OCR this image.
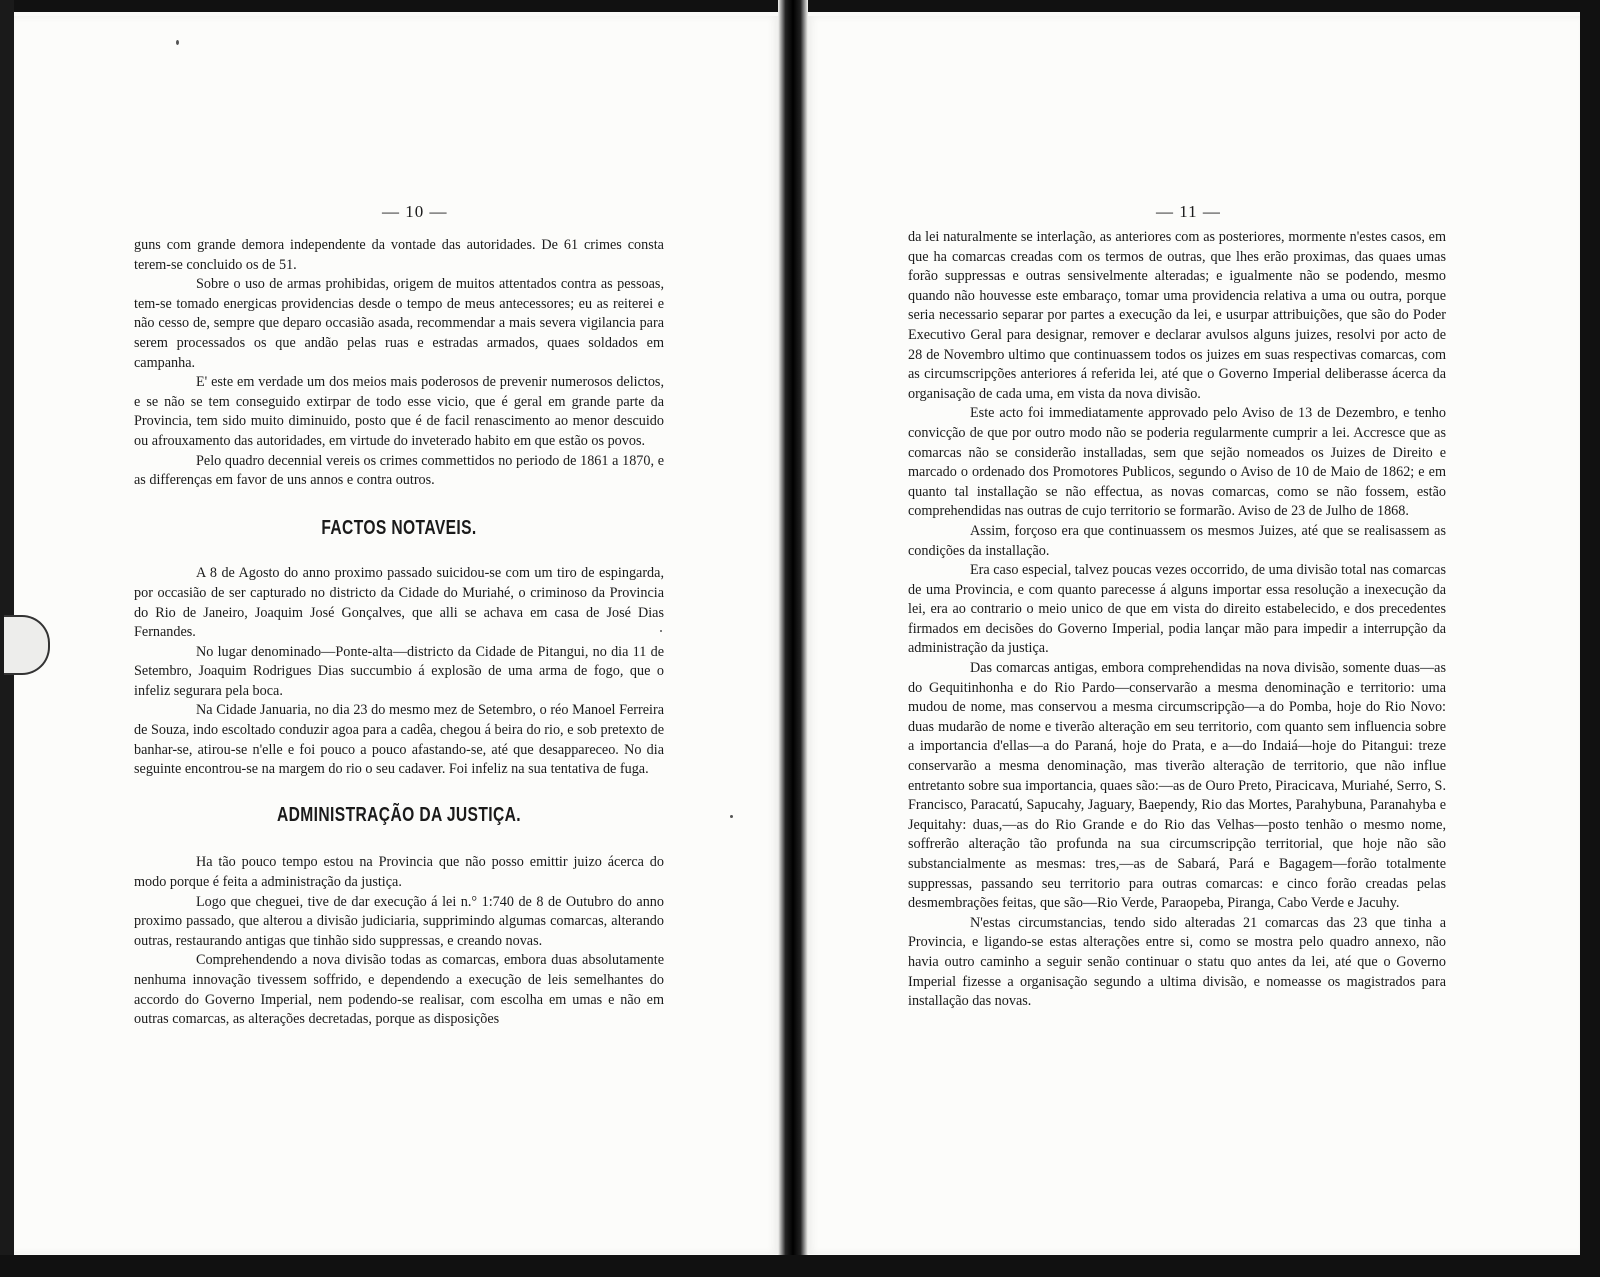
— 10 —

guns com grande demora independente da vontade das autoridades. De 61 crimes consta terem-se concluido os de 51.

Sobre o uso de armas prohibidas, origem de muitos attentados contra as pessoas, tem-se tomado energicas providencias desde o tempo de meus antecessores; eu as reiterei e não cesso de, sempre que deparo occasião asada, recommendar a mais severa vigilancia para serem processados os que andão pelas ruas e estradas armados, quaes soldados em campanha.

E' este em verdade um dos meios mais poderosos de prevenir numerosos delictos, e se não se tem conseguido extirpar de todo esse vicio, que é geral em grande parte da Provincia, tem sido muito diminuido, posto que é de facil renascimento ao menor descuido ou afrouxamento das autoridades, em virtude do inveterado habito em que estão os povos.

Pelo quadro decennial vereis os crimes commettidos no periodo de 1861 a 1870, e as differenças em favor de uns annos e contra outros.

FACTOS NOTAVEIS.

A 8 de Agosto do anno proximo passado suicidou-se com um tiro de espingarda, por occasião de ser capturado no districto da Cidade do Muriahé, o criminoso da Provincia do Rio de Janeiro, Joaquim José Gonçalves, que alli se achava em casa de José Dias Fernandes.

No lugar denominado—Ponte-alta—districto da Cidade de Pitangui, no dia 11 de Setembro, Joaquim Rodrigues Dias succumbio á explosão de uma arma de fogo, que o infeliz segurara pela boca.

Na Cidade Januaria, no dia 23 do mesmo mez de Setembro, o réo Manoel Ferreira de Souza, indo escoltado conduzir agoa para a cadêa, chegou á beira do rio, e sob pretexto de banhar-se, atirou-se n'elle e foi pouco a pouco afastando-se, até que desappareceo. No dia seguinte encontrou-se na margem do rio o seu cadaver. Foi infeliz na sua tentativa de fuga.

ADMINISTRAÇÃO DA JUSTIÇA.

Ha tão pouco tempo estou na Provincia que não posso emittir juizo ácerca do modo porque é feita a administração da justiça.

Logo que cheguei, tive de dar execução á lei n.° 1:740 de 8 de Outubro do anno proximo passado, que alterou a divisão judiciaria, supprimindo algumas comarcas, alterando outras, restaurando antigas que tinhão sido suppressas, e creando novas.

Comprehendendo a nova divisão todas as comarcas, embora duas absolutamente nenhuma innovação tivessem soffrido, e dependendo a execução de leis semelhantes do accordo do Governo Imperial, nem podendo-se realisar, com escolha em umas e não em outras comarcas, as alterações decretadas, porque as disposições

— 11 —

da lei naturalmente se interlação, as anteriores com as posteriores, mormente n'estes casos, em que ha comarcas creadas com os termos de outras, que lhes erão proximas, das quaes umas forão suppressas e outras sensivelmente alteradas; e igualmente não se podendo, mesmo quando não houvesse este embaraço, tomar uma providencia relativa a uma ou outra, porque seria necessario separar por partes a execução da lei, e usurpar attribuições, que são do Poder Executivo Geral para designar, remover e declarar avulsos alguns juizes, resolvi por acto de 28 de Novembro ultimo que continuassem todos os juizes em suas respectivas comarcas, com as circumscripções anteriores á referida lei, até que o Governo Imperial deliberasse ácerca da organisação de cada uma, em vista da nova divisão.

Este acto foi immediatamente approvado pelo Aviso de 13 de Dezembro, e tenho convicção de que por outro modo não se poderia regularmente cumprir a lei. Accresce que as comarcas não se considerão installadas, sem que sejão nomeados os Juizes de Direito e marcado o ordenado dos Promotores Publicos, segundo o Aviso de 10 de Maio de 1862; e em quanto tal installação se não effectua, as novas comarcas, como se não fossem, estão comprehendidas nas outras de cujo territorio se formarão. Aviso de 23 de Julho de 1868.

Assim, forçoso era que continuassem os mesmos Juizes, até que se realisassem as condições da installação.

Era caso especial, talvez poucas vezes occorrido, de uma divisão total nas comarcas de uma Provincia, e com quanto parecesse á alguns importar essa resolução a inexecução da lei, era ao contrario o meio unico de que em vista do direito estabelecido, e dos precedentes firmados em decisões do Governo Imperial, podia lançar mão para impedir a interrupção da administração da justiça.

Das comarcas antigas, embora comprehendidas na nova divisão, somente duas—as do Gequitinhonha e do Rio Pardo—conservarão a mesma denominação e territorio: uma mudou de nome, mas conservou a mesma circumscripção—a do Pomba, hoje do Rio Novo: duas mudarão de nome e tiverão alteração em seu territorio, com quanto sem influencia sobre a importancia d'ellas—a do Paraná, hoje do Prata, e a—do Indaiá—hoje do Pitangui: treze conservarão a mesma denominação, mas tiverão alteração de territorio, que não influe entretanto sobre sua importancia, quaes são:—as de Ouro Preto, Piracicava, Muriahé, Serro, S. Francisco, Paracatú, Sapucahy, Jaguary, Baependy, Rio das Mortes, Parahybuna, Paranahyba e Jequitahy: duas,—as do Rio Grande e do Rio das Velhas—posto tenhão o mesmo nome, soffrerão alteração tão profunda na sua circumscripção territorial, que hoje não são substancialmente as mesmas: tres,—as de Sabará, Pará e Bagagem—forão totalmente suppressas, passando seu territorio para outras comarcas: e cinco forão creadas pelas desmembrações feitas, que são—Rio Verde, Paraopeba, Piranga, Cabo Verde e Jacuhy.

N'estas circumstancias, tendo sido alteradas 21 comarcas das 23 que tinha a Provincia, e ligando-se estas alterações entre si, como se mostra pelo quadro annexo, não havia outro caminho a seguir senão continuar o statu quo antes da lei, até que o Governo Imperial fizesse a organisação segundo a ultima divisão, e nomeasse os magistrados para installação das novas.
